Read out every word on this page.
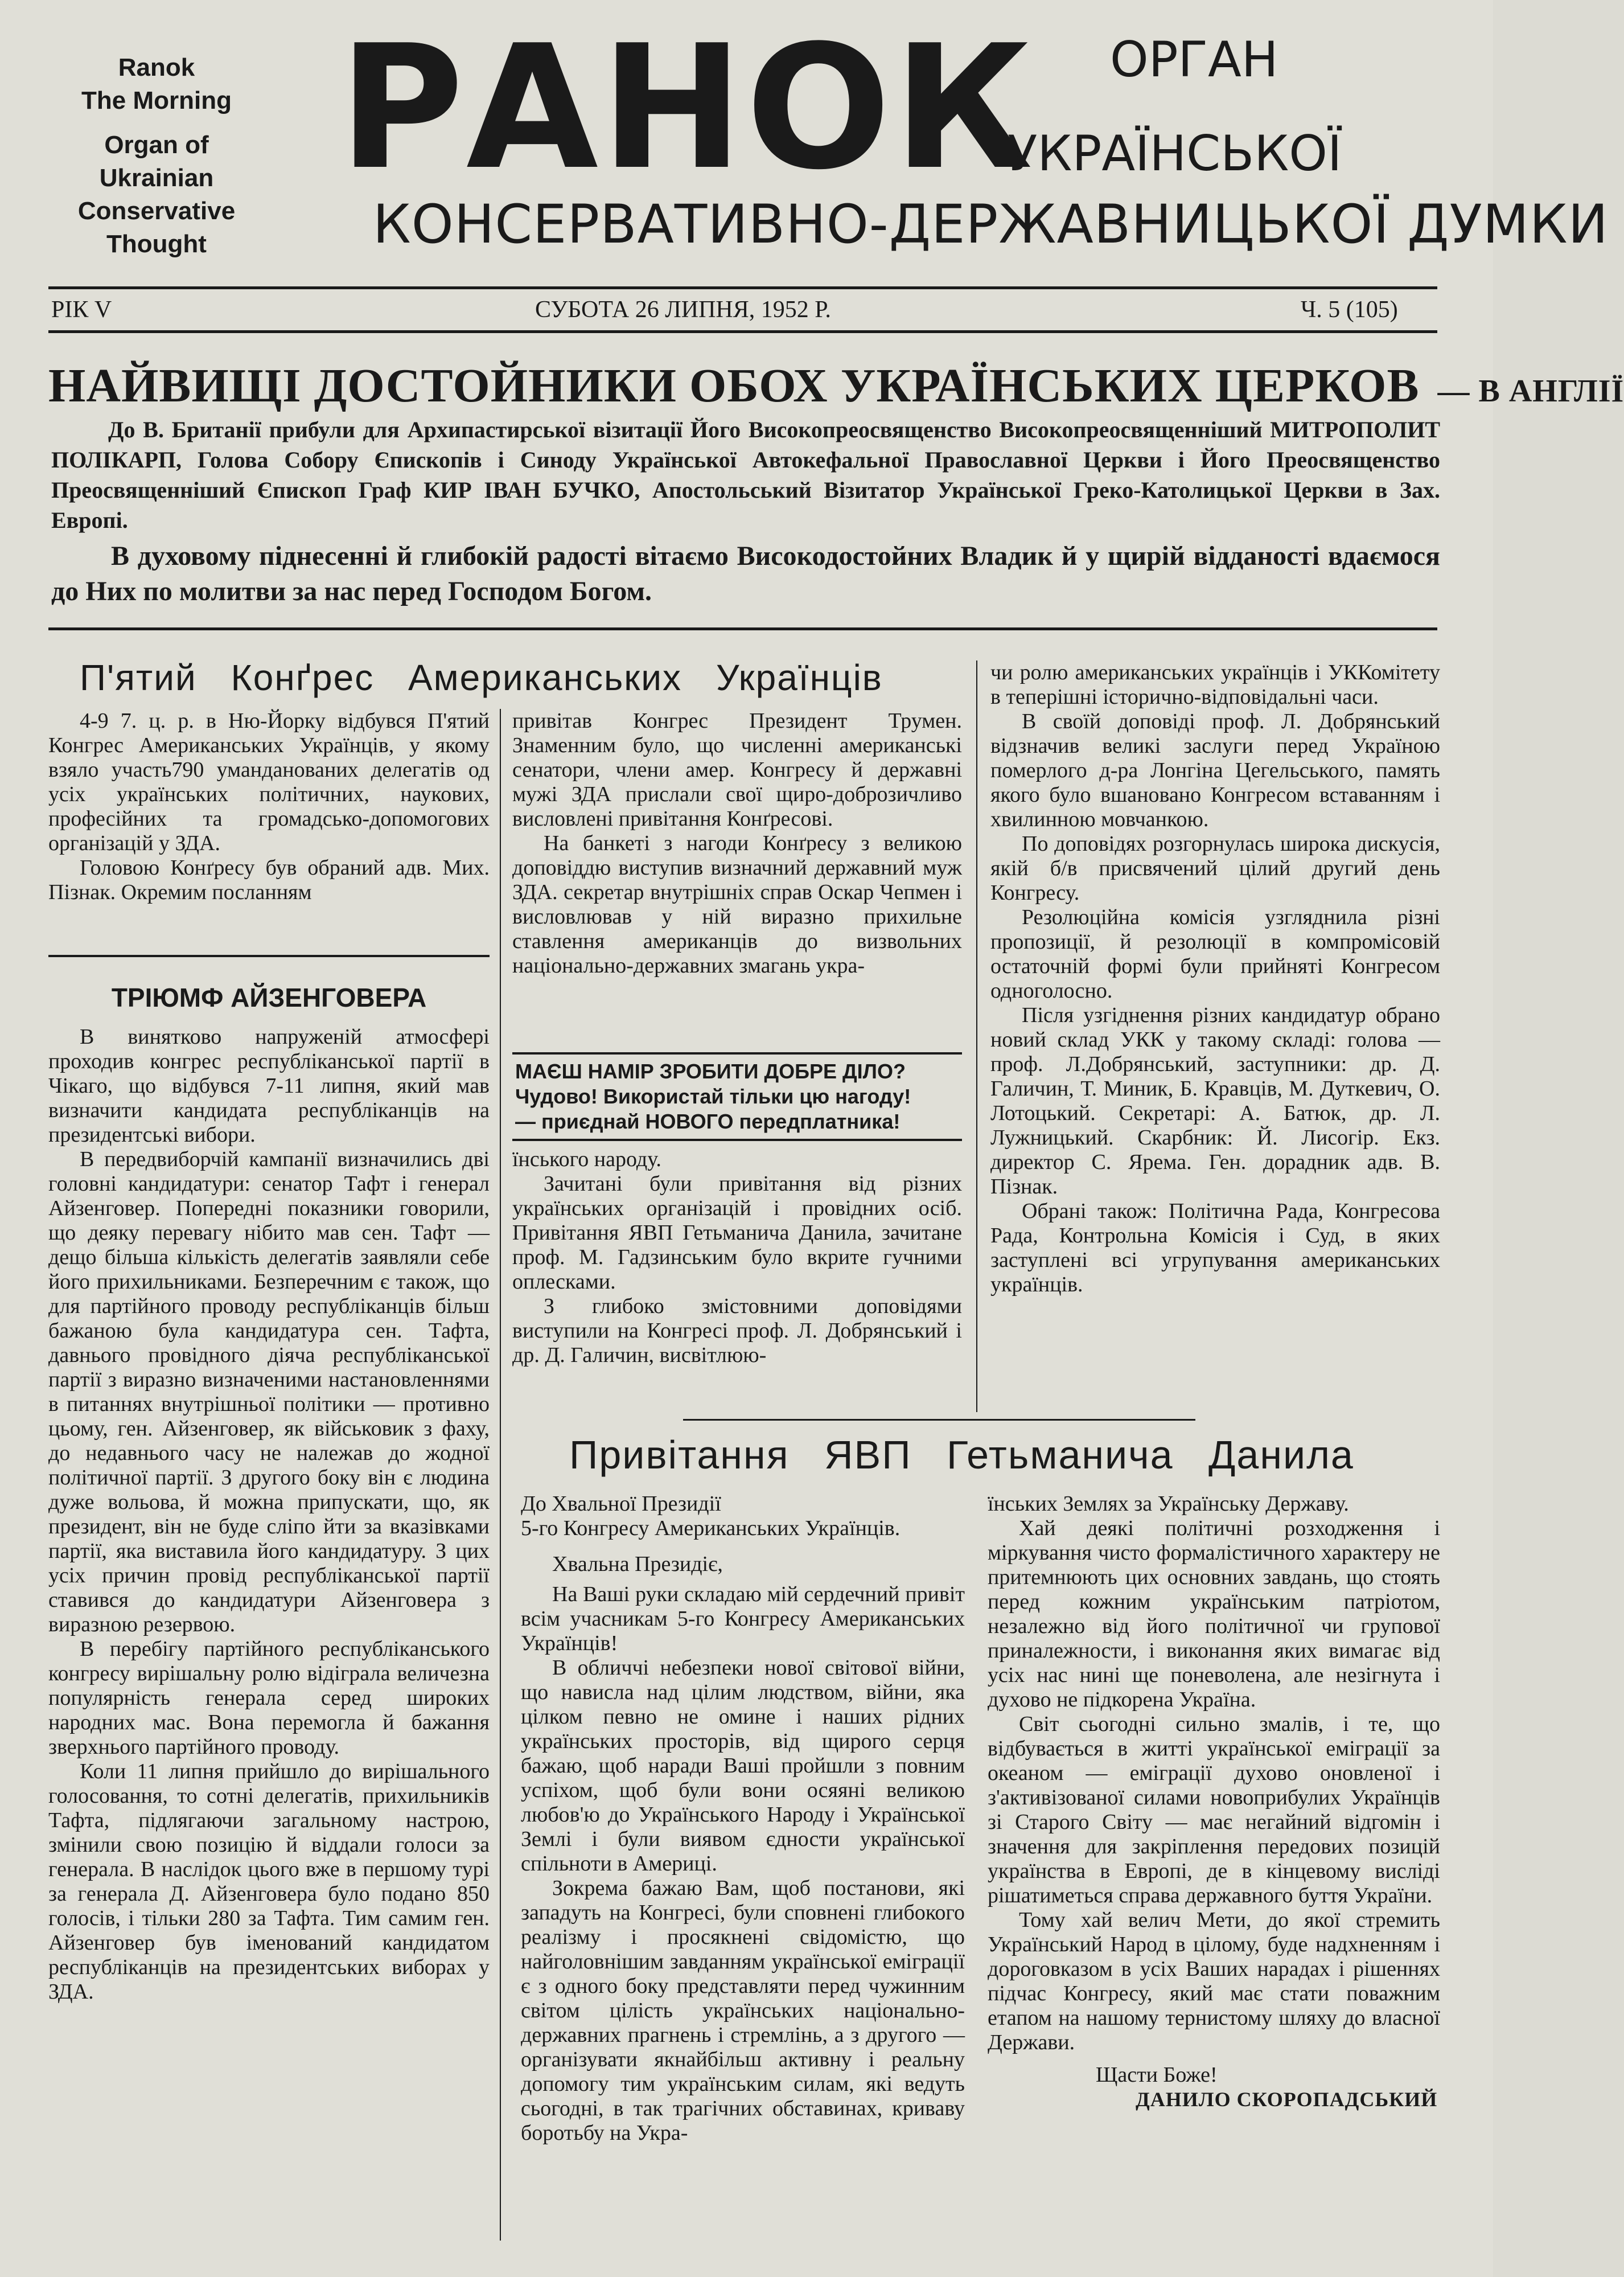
Ranok
The Morning
Organ of
Ukrainian
Conservative
Thought
РАНОК ОРГАН
УКРАЇНСЬКОЇ
КОНСЕРВАТИВНО-ДЕРЖАВНИЦЬКОЇ ДУМКИ
РІК V	СУБОТА 26 ЛИПНЯ, 1952 Р.	Ч. 5 (105)
НАЙВИЩІ ДОСТОЙНИКИ ОБОХ УКРАЇНСЬКИХ ЦЕРКОВ — В АНГЛІЇ
До В. Британії прибули для Архипастирської візитації Його Високопреосвященство Високопреосвященніший МИТРОПОЛИТ ПОЛІКАРП, Голова Собору Єпископів і Синоду Української Автокефальної Православної Церкви і Його Преосвященство Преосвященніший Єпископ Граф КИР ІВАН БУЧКО, Апостольський Візитатор Української Греко-Католицької Церкви в Зах. Европі.
В духовому піднесенні й глибокій радості вітаємо Високодостойних Владик й у щирій відданості вдаємося до Них по молитви за нас перед Господом Богом.
П'ятий Конґрес Американських Українців

4-9 7. ц. р. в Ню-Йорку відбувся П'ятий Конгрес Американських Українців, у якому взяло участь790 уманданованих делегатів од усіх українських політичних, наукових, професійних та громадсько-допомогових організацій у ЗДА.

Головою Конґресу був обраний адв. Мих. Пізнак. Окремим посланням

ТРІЮМФ АЙЗЕНГОВЕРА

В винятково напруженій атмосфері проходив конгрес республіканської партії в Чікаго, що відбувся 7-11 липня, який мав визначити кандидата республіканців на президентські вибори.

В передвиборчій кампанії визначились дві головні кандидатури: сенатор Тафт і генерал Айзенговер. Попередні показники говорили, що деяку перевагу нібито мав сен. Тафт — дещо більша кількість делегатів заявляли себе його прихильниками. Безперечним є також, що для партійного проводу республіканців більш бажаною була кандидатура сен. Тафта, давнього провідного діяча республіканської партії з виразно визначеними настановленнями в питаннях внутрішньої політики — противно цьому, ген. Айзенговер, як військовик з фаху, до недавнього часу не належав до жодної політичної партії. З другого боку він є людина дуже вольова, й можна припускати, що, як президент, він не буде сліпо йти за вказівками партії, яка виставила його кандидатуру. З цих усіх причин провід республіканської партії ставився до кандидатури Айзенговера з виразною резервою.

В перебігу партійного республіканського конгресу вирішальну ролю відіграла величезна популярність генерала серед широких народних мас. Вона перемогла й бажання зверхнього партійного проводу.

Коли 11 липня прийшло до вирішального голосовання, то сотні делегатів, прихильників Тафта, підлягаючи загальному настрою, змінили свою позицію й віддали голоси за генерала. В наслідок цього вже в першому турі за генерала Д. Айзенговера було подано 850 голосів, і тільки 280 за Тафта. Тим самим ген. Айзенговер був іменований кандидатом республіканців на президентських виборах у ЗДА.

привітав Конгрес Президент Трумен. Знаменним було, що численні американські сенатори, члени амер. Конгресу й державні мужі ЗДА прислали свої щиро-доброзичливо висловлені привітання Конґресові.

На банкеті з нагоди Конґресу з великою доповіддю виступив визначний державний муж ЗДА. секретар внутрішніх справ Оскар Чепмен і висловлював у ній виразно прихильне ставлення американців до визвольних національно-державних змагань укра-

МАЄШ НАМІР ЗРОБИТИ ДОБРЕ ДІЛО?
Чудово! Використай тільки цю нагоду!
— приєднай НОВОГО передплатника!

їнського народу.

Зачитані були привітання від різних українських організацій і провідних осіб. Привітання ЯВП Гетьманича Данила, зачитане проф. М. Гадзинським було вкрите гучними оплесками.

З глибоко змістовними доповідями виступили на Конгресі проф. Л. Добрянський і др. Д. Галичин, висвітлюю-

чи ролю американських українців і УККомітету в теперішні історично-відповідальні часи.

В своїй доповіді проф. Л. Добрянський відзначив великі заслуги перед Україною померлого д-ра Лонгіна Цегельського, память якого було вшановано Конгресом вставанням і хвилинною мовчанкою.

По доповідях розгорнулась широка дискусія, якій б/в присвячений цілий другий день Конгресу.

Резолюційна комісія узгляднила різні пропозиції, й резолюції в компромісовій остаточній формі були прийняті Конгресом одноголосно.

Після узгіднення різних кандидатур обрано новий склад УКК у такому складі: голова — проф. Л.Добрянський, заступники: др. Д. Галичин, Т. Миник, Б. Кравців, М. Дуткевич, О. Лотоцький. Секретарі: А. Батюк, др. Л. Лужницький. Скарбник: Й. Лисогір. Екз. директор С. Ярема. Ген. дорадник адв. В. Пізнак.

Обрані також: Політична Рада, Конгресова Рада, Контрольна Комісія і Суд, в яких заступлені всі угрупування американських українців.

Привітання ЯВП Гетьманича Данила

До Хвальної Президії

5-го Конгресу Американських Українців.

Хвальна Президіє,

На Ваші руки складаю мій сердечний привіт всім учасникам 5-го Конгресу Американських Українців!

В обличчі небезпеки нової світової війни, що нависла над цілим людством, війни, яка цілком певно не омине і наших рідних українських просторів, від щирого серця бажаю, щоб наради Ваші пройшли з повним успіхом, щоб були вони осяяні великою любов'ю до Українського Народу і Української Землі і були виявом єдности української спільноти в Америці.

Зокрема бажаю Вам, щоб постанови, які западуть на Конгресі, були сповнені глибокого реалізму і просякнені свідомістю, що найголовнішим завданням української еміграції є з одного боку представляти перед чужинним світом цілість українських національно-державних прагнень і стремлінь, а з другого — організувати якнайбільш активну і реальну допомогу тим українським силам, які ведуть сьогодні, в так трагічних обставинах, криваву боротьбу на Укра-

їнських Землях за Українську Державу.

Хай деякі політичні розходження і міркування чисто формалістичного характеру не притемнюють цих основних завдань, що стоять перед кожним українським патріотом, незалежно від його політичної чи групової приналежности, і виконання яких вимагає від усіх нас нині ще поневолена, але незігнута і духово не підкорена Україна.

Світ сьогодні сильно змалів, і те, що відбувається в житті української еміграції за океаном — еміграції духово оновленої і з'активізованої силами новоприбулих Українців зі Старого Світу — має негайний відгомін і значення для закріплення передових позицій українства в Европі, де в кінцевому висліді рішатиметься справа державного буття України.

Тому хай велич Мети, до якої стремить Український Народ в цілому, буде надхненням і дороговказом в усіх Ваших нарадах і рішеннях підчас Конгресу, який має стати поважним етапом на нашому тернистому шляху до власної Держави.

Щасти Боже!

ДАНИЛО СКОРОПАДСЬКИЙ
